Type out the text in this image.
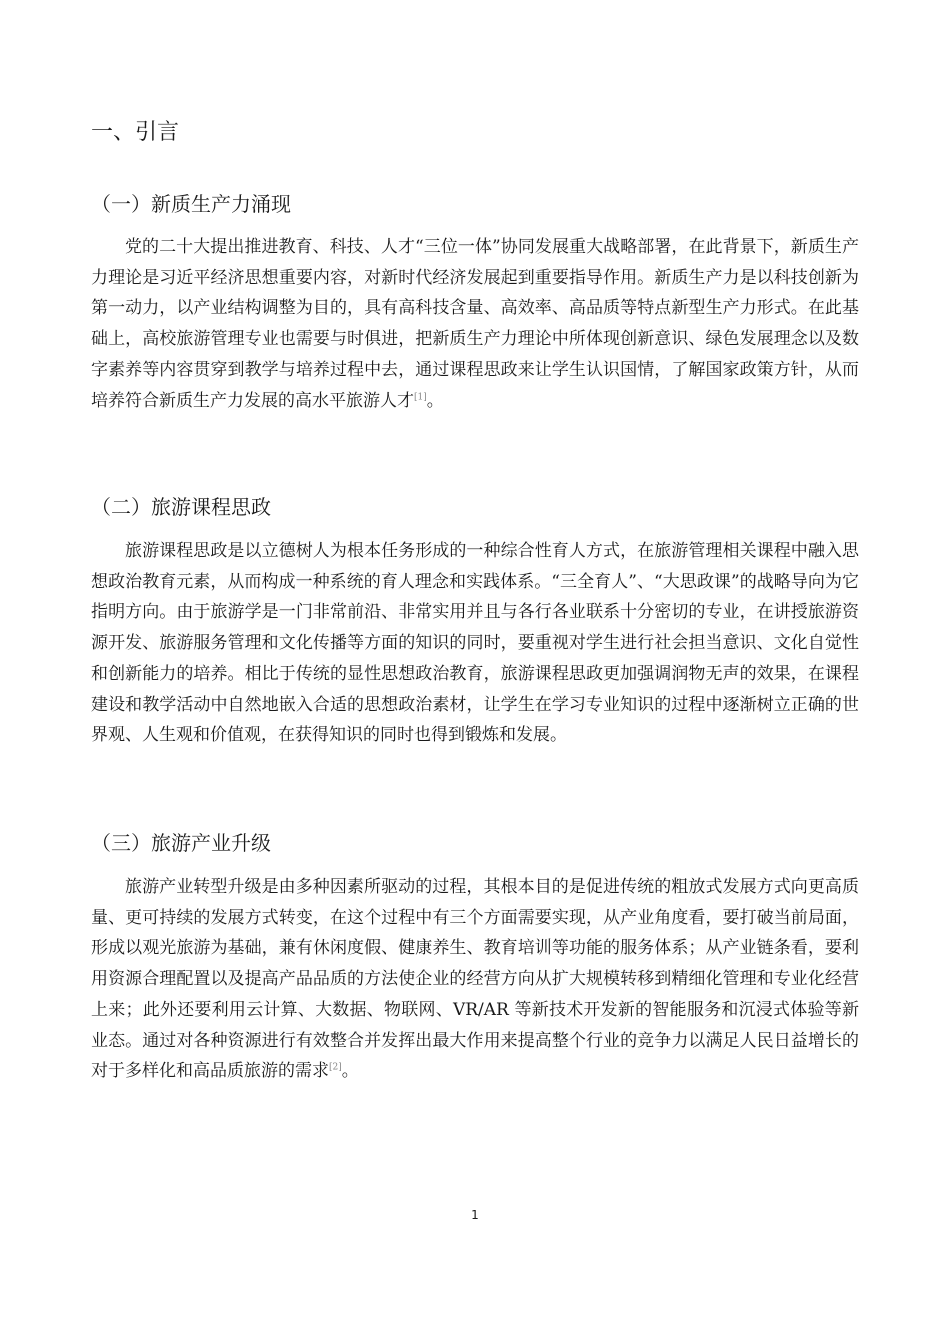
一、引言
（一）新质生产力涌现

党的二十大提出推进教育、科技、人才“三位一体”协同发展重大战略部署，在此背景下，新质生产力理论是习近平经济思想重要内容，对新时代经济发展起到重要指导作用。新质生产力是以科技创新为第一动力，以产业结构调整为目的，具有高科技含量、高效率、高品质等特点新型生产力形式。在此基础上，高校旅游管理专业也需要与时俱进，把新质生产力理论中所体现创新意识、绿色发展理念以及数字素养等内容贯穿到教学与培养过程中去，通过课程思政来让学生认识国情，了解国家政策方针，从而培养符合新质生产力发展的高水平旅游人才[1]。

（二）旅游课程思政

旅游课程思政是以立德树人为根本任务形成的一种综合性育人方式，在旅游管理相关课程中融入思想政治教育元素，从而构成一种系统的育人理念和实践体系。“三全育人”、“大思政课”的战略导向为它指明方向。由于旅游学是一门非常前沿、非常实用并且与各行各业联系十分密切的专业，在讲授旅游资源开发、旅游服务管理和文化传播等方面的知识的同时，要重视对学生进行社会担当意识、文化自觉性和创新能力的培养。相比于传统的显性思想政治教育，旅游课程思政更加强调润物无声的效果，在课程建设和教学活动中自然地嵌入合适的思想政治素材，让学生在学习专业知识的过程中逐渐树立正确的世界观、人生观和价值观，在获得知识的同时也得到锻炼和发展。

（三）旅游产业升级

旅游产业转型升级是由多种因素所驱动的过程，其根本目的是促进传统的粗放式发展方式向更高质量、更可持续的发展方式转变，在这个过程中有三个方面需要实现，从产业角度看，要打破当前局面，形成以观光旅游为基础，兼有休闲度假、健康养生、教育培训等功能的服务体系；从产业链条看，要利用资源合理配置以及提高产品品质的方法使企业的经营方向从扩大规模转移到精细化管理和专业化经营上来；此外还要利用云计算、大数据、物联网、VR/AR 等新技术开发新的智能服务和沉浸式体验等新业态。通过对各种资源进行有效整合并发挥出最大作用来提高整个行业的竞争力以满足人民日益增长的对于多样化和高品质旅游的需求[2]。

1
